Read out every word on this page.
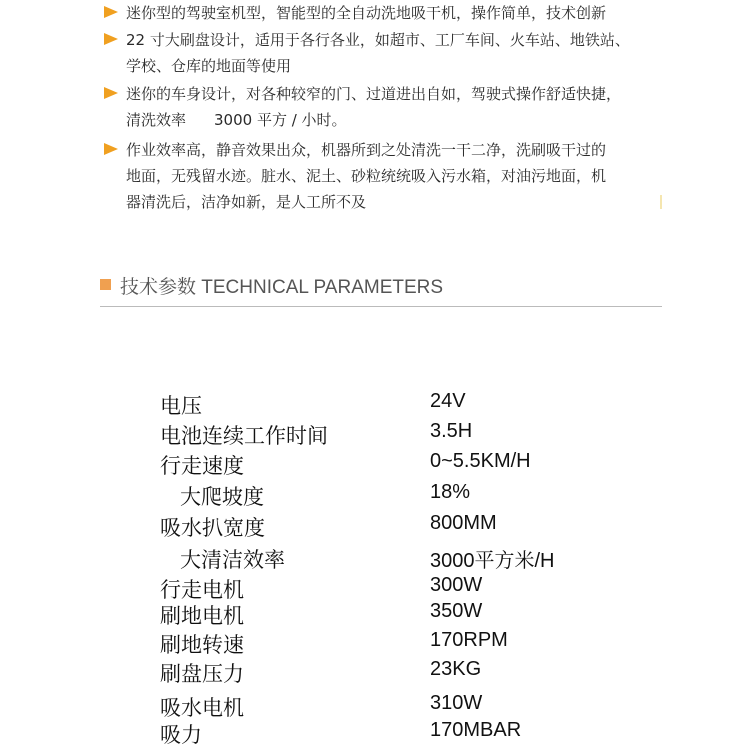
迷你型的驾驶室机型，智能型的全自动洗地吸干机，操作简单，技术创新
22 寸大刷盘设计，适用于各行各业，如超市、工厂车间、火车站、地铁站、
学校、仓库的地面等使用
迷你的车身设计，对各种较窄的门、过道进出自如，驾驶式操作舒适快捷，
清洗效率 3000 平方 / 小时。
作业效率高，静音效果出众，机器所到之处清洗一干二净，洗刷吸干过的
地面，无残留水迹。脏水、泥土、砂粒统统吸入污水箱，对油污地面，机
器清洗后，洁净如新，是人工所不及
技术参数 TECHNICAL PARAMETERS
电压	24V
电池连续工作时间	3.5H
行走速度	0~5.5KM/H
大爬坡度	18%
吸水扒宽度	800MM
大清洁效率	3000平方米/H
行走电机	300W
刷地电机	350W
刷地转速	170RPM
刷盘压力	23KG
吸水电机	310W
吸力	170MBAR
